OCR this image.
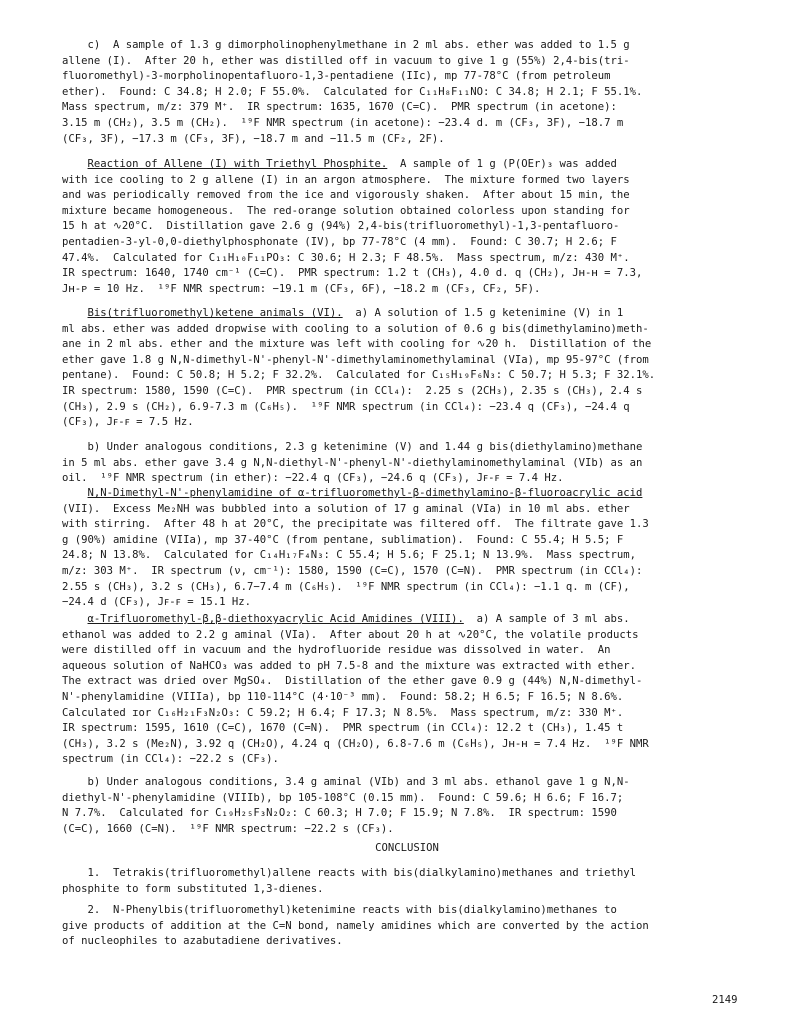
c)  A sample of 1.3 g dimorpholinophenylmethane in 2 ml abs. ether was added to 1.5 g
allene (I).  After 20 h, ether was distilled off in vacuum to give 1 g (55%) 2,4-bis(tri-
fluoromethyl)-3-morpholinopentafluoro-1,3-pentadiene (IIc), mp 77-78°C (from petroleum
ether).  Found: C 34.8; H 2.0; F 55.0%.  Calculated for C₁₁H₈F₁₁NO: C 34.8; H 2.1; F 55.1%.
Mass spectrum, m/z: 379 M⁺.  IR spectrum: 1635, 1670 (C=C).  PMR spectrum (in acetone):
3.15 m (CH₂), 3.5 m (CH₂).  ¹⁹F NMR spectrum (in acetone): −23.4 d. m (CF₃, 3F), −18.7 m
(CF₃, 3F), −17.3 m (CF₃, 3F), −18.7 m and −11.5 m (CF₂, 2F).
Reaction of Allene (I) with Triethyl Phosphite.  A sample of 1 g (P(OEr)₃ was added
with ice cooling to 2 g allene (I) in an argon atmosphere.  The mixture formed two layers
and was periodically removed from the ice and vigorously shaken.  After about 15 min, the
mixture became homogeneous.  The red-orange solution obtained colorless upon standing for
15 h at ∿20°C.  Distillation gave 2.6 g (94%) 2,4-bis(trifluoromethyl)-1,3-pentafluoro-
pentadien-3-yl-0,0-diethylphosphonate (IV), bp 77-78°C (4 mm).  Found: C 30.7; H 2.6; F
47.4%.  Calculated for C₁₁H₁₀F₁₁PO₃: C 30.6; H 2.3; F 48.5%.  Mass spectrum, m/z: 430 M⁺.
IR spectrum: 1640, 1740 cm⁻¹ (C=C).  PMR spectrum: 1.2 t (CH₃), 4.0 d. q (CH₂), Jʜ-ʜ = 7.3,
Jʜ-ᴘ = 10 Hz.  ¹⁹F NMR spectrum: −19.1 m (CF₃, 6F), −18.2 m (CF₃, CF₂, 5F).
Bis(trifluoromethyl)ketene animals (VI).  a) A solution of 1.5 g ketenimine (V) in 1
ml abs. ether was added dropwise with cooling to a solution of 0.6 g bis(dimethylamino)meth-
ane in 2 ml abs. ether and the mixture was left with cooling for ∿20 h.  Distillation of the
ether gave 1.8 g N,N-dimethyl-N'-phenyl-N'-dimethylaminomethylaminal (VIa), mp 95-97°C (from
pentane).  Found: C 50.8; H 5.2; F 32.2%.  Calculated for C₁₅H₁₉F₆N₃: C 50.7; H 5.3; F 32.1%.
IR spectrum: 1580, 1590 (C=C).  PMR spectrum (in CCl₄):  2.25 s (2CH₃), 2.35 s (CH₃), 2.4 s
(CH₃), 2.9 s (CH₂), 6.9-7.3 m (C₆H₅).  ¹⁹F NMR spectrum (in CCl₄): −23.4 q (CF₃), −24.4 q
(CF₃), Jꜰ-ꜰ = 7.5 Hz.
b) Under analogous conditions, 2.3 g ketenimine (V) and 1.44 g bis(diethylamino)methane
in 5 ml abs. ether gave 3.4 g N,N-diethyl-N'-phenyl-N'-diethylaminomethylaminal (VIb) as an
oil.  ¹⁹F NMR spectrum (in ether): −22.4 q (CF₃), −24.6 q (CF₃), Jꜰ-ꜰ = 7.4 Hz.
N,N-Dimethyl-N'-phenylamidine of α-trifluoromethyl-β-dimethylamino-β-fluoroacrylic acid
(VII).  Excess Me₂NH was bubbled into a solution of 17 g aminal (VIa) in 10 ml abs. ether
with stirring.  After 48 h at 20°C, the precipitate was filtered off.  The filtrate gave 1.3
g (90%) amidine (VIIa), mp 37-40°C (from pentane, sublimation).  Found: C 55.4; H 5.5; F
24.8; N 13.8%.  Calculated for C₁₄H₁₇F₄N₃: C 55.4; H 5.6; F 25.1; N 13.9%.  Mass spectrum,
m/z: 303 M⁺.  IR spectrum (ν, cm⁻¹): 1580, 1590 (C=C), 1570 (C=N).  PMR spectrum (in CCl₄):
2.55 s (CH₃), 3.2 s (CH₃), 6.7−7.4 m (C₆H₅).  ¹⁹F NMR spectrum (in CCl₄): −1.1 q. m (CF),
−24.4 d (CF₃), Jꜰ-ꜰ = 15.1 Hz.
α-Trifluoromethyl-β,β-diethoxyacrylic Acid Amidines (VIII).  a) A sample of 3 ml abs.
ethanol was added to 2.2 g aminal (VIa).  After about 20 h at ∿20°C, the volatile products
were distilled off in vacuum and the hydrofluoride residue was dissolved in water.  An
aqueous solution of NaHCO₃ was added to pH 7.5-8 and the mixture was extracted with ether.
The extract was dried over MgSO₄.  Distillation of the ether gave 0.9 g (44%) N,N-dimethyl-
N'-phenylamidine (VIIIa), bp 110-114°C (4·10⁻³ mm).  Found: 58.2; H 6.5; F 16.5; N 8.6%.
Calculated ɪor C₁₆H₂₁F₃N₂O₃: C 59.2; H 6.4; F 17.3; N 8.5%.  Mass spectrum, m/z: 330 M⁺.
IR spectrum: 1595, 1610 (C=C), 1670 (C=N).  PMR spectrum (in CCl₄): 12.2 t (CH₃), 1.45 t
(CH₃), 3.2 s (Me₂N), 3.92 q (CH₂O), 4.24 q (CH₂O), 6.8-7.6 m (C₆H₅), Jʜ-ʜ = 7.4 Hz.  ¹⁹F NMR
spectrum (in CCl₄): −22.2 s (CF₃).
b) Under analogous conditions, 3.4 g aminal (VIb) and 3 ml abs. ethanol gave 1 g N,N-
diethyl-N'-phenylamidine (VIIIb), bp 105-108°C (0.15 mm).  Found: C 59.6; H 6.6; F 16.7;
N 7.7%.  Calculated for C₁₉H₂₅F₃N₂O₂: C 60.3; H 7.0; F 15.9; N 7.8%.  IR spectrum: 1590
(C=C), 1660 (C=N).  ¹⁹F NMR spectrum: −22.2 s (CF₃).
CONCLUSION
1.  Tetrakis(trifluoromethyl)allene reacts with bis(dialkylamino)methanes and triethyl
phosphite to form substituted 1,3-dienes.
2.  N-Phenylbis(trifluoromethyl)ketenimine reacts with bis(dialkylamino)methanes to
give products of addition at the C=N bond, namely amidines which are converted by the action
of nucleophiles to azabutadiene derivatives.
2149
